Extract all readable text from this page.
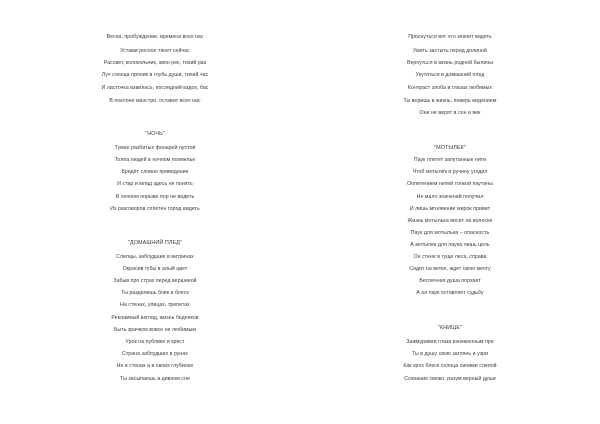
Весна, пробуждение, времена всех нас
Устами росное тянет сейчас
Рассвет, колокольчик, звон рек, тихий раз
Луч солнца проник в глубь души, тихий час
И ласточка взвилась, последний вздох, бас
В поклоне маэстро, оставит всех нас
"НОЧЬ"
Туман разбитых фонарей пустой
Толпа людей в ночном похмелье
Бредёт словно приведение
И стар и млад здесь не понять
В ночном порыве пор не видеть
Из разговоров сплетен город видеть
"ДОМАШНИЙ ПЛЕД"
Слепцы, заблудшие в витринах
Окрасив губы в алый цвет
Забыв про страх перед вершиной
Ты разделишь блик и блеск
На стенах, улицах, трепетах
Рекламный взгляд, жизнь бедняков
Быть зрачком вовсе не любимым
Урок на публике и крест
Страна заблудших в рунах
Не в стенах а в своих глубинах
Ты засыпаешь в дивном сне
Проснуться вот что значит видеть
Уметь застыть перед долиной
Вернуться в жизнь родной былины
Укутаться в домашний плед
Контраст злоба в глазах любимых
Ты веришь в жизнь, поверь видением
Они не верят в сон и век
"МОТЫЛЕК"
Паук плетет запутанные нити
Чтоб мотылёк в ручину угодил
Оплетением нитей тонкой паутины
Не мало значений получил
И лишь мгновение мирок привит
Жизнь мотылька висит на волоске
Паук для мотылька – опасность
А мотылек для паука лишь цель
Он стене в гуще леса, справа
Сидит на ветке, ждет свою мечту
Беспечная душа порхает
А он паук оставляет судьбу
"КНИЩЕ"
Зажмуривая глаза изнеженным пре
Ты в душу свою заглянь и узри
Как крох блеск солнца синими слепой
Сознание свежо, разум верный души
